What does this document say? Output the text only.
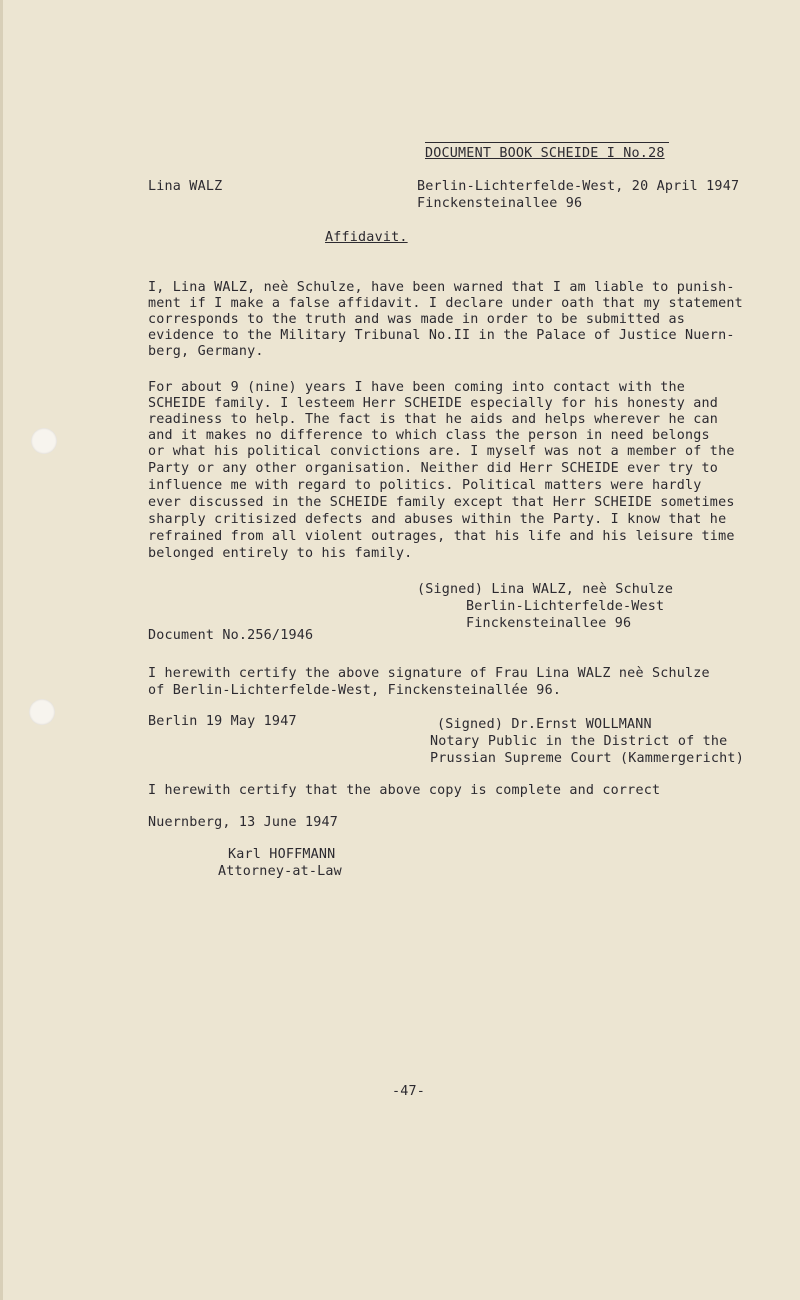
DOCUMENT BOOK SCHEIDE I No.28
Lina WALZ	Berlin-Lichterfelde-West, 20 April 1947
Finckensteinallee 96
Affidavit.
I, Lina WALZ, neè Schulze, have been warned that I am liable to punish-
ment if I make a false affidavit. I declare under oath that my statement
corresponds to the truth and was made in order to be submitted as
evidence to the Military Tribunal No.II in the Palace of Justice Nuern-
berg, Germany.
For about 9 (nine) years I have been coming into contact with the
SCHEIDE family. I lesteem Herr SCHEIDE especially for his honesty and
readiness to help. The fact is that he aids and helps wherever he can
and it makes no difference to which class the person in need belongs
or what his political convictions are. I myself was not a member of the
Party or any other organisation. Neither did Herr SCHEIDE ever try to
influence me with regard to politics. Political matters were hardly
ever discussed in the SCHEIDE family except that Herr SCHEIDE sometimes
sharply critisized defects and abuses within the Party. I know that he
refrained from all violent outrages, that his life and his leisure time
belonged entirely to his family.
(Signed) Lina WALZ, neè Schulze
Berlin-Lichterfelde-West
Finckensteinallee 96
Document No.256/1946
I herewith certify the above signature of Frau Lina WALZ neè Schulze
of Berlin-Lichterfelde-West, Finckensteinallée 96.
Berlin 19 May 1947	(Signed) Dr.Ernst WOLLMANN
Notary Public in the District of the
Prussian Supreme Court (Kammergericht)
I herewith certify that the above copy is complete and correct
Nuernberg, 13 June 1947
Karl HOFFMANN
Attorney-at-Law
-47-
